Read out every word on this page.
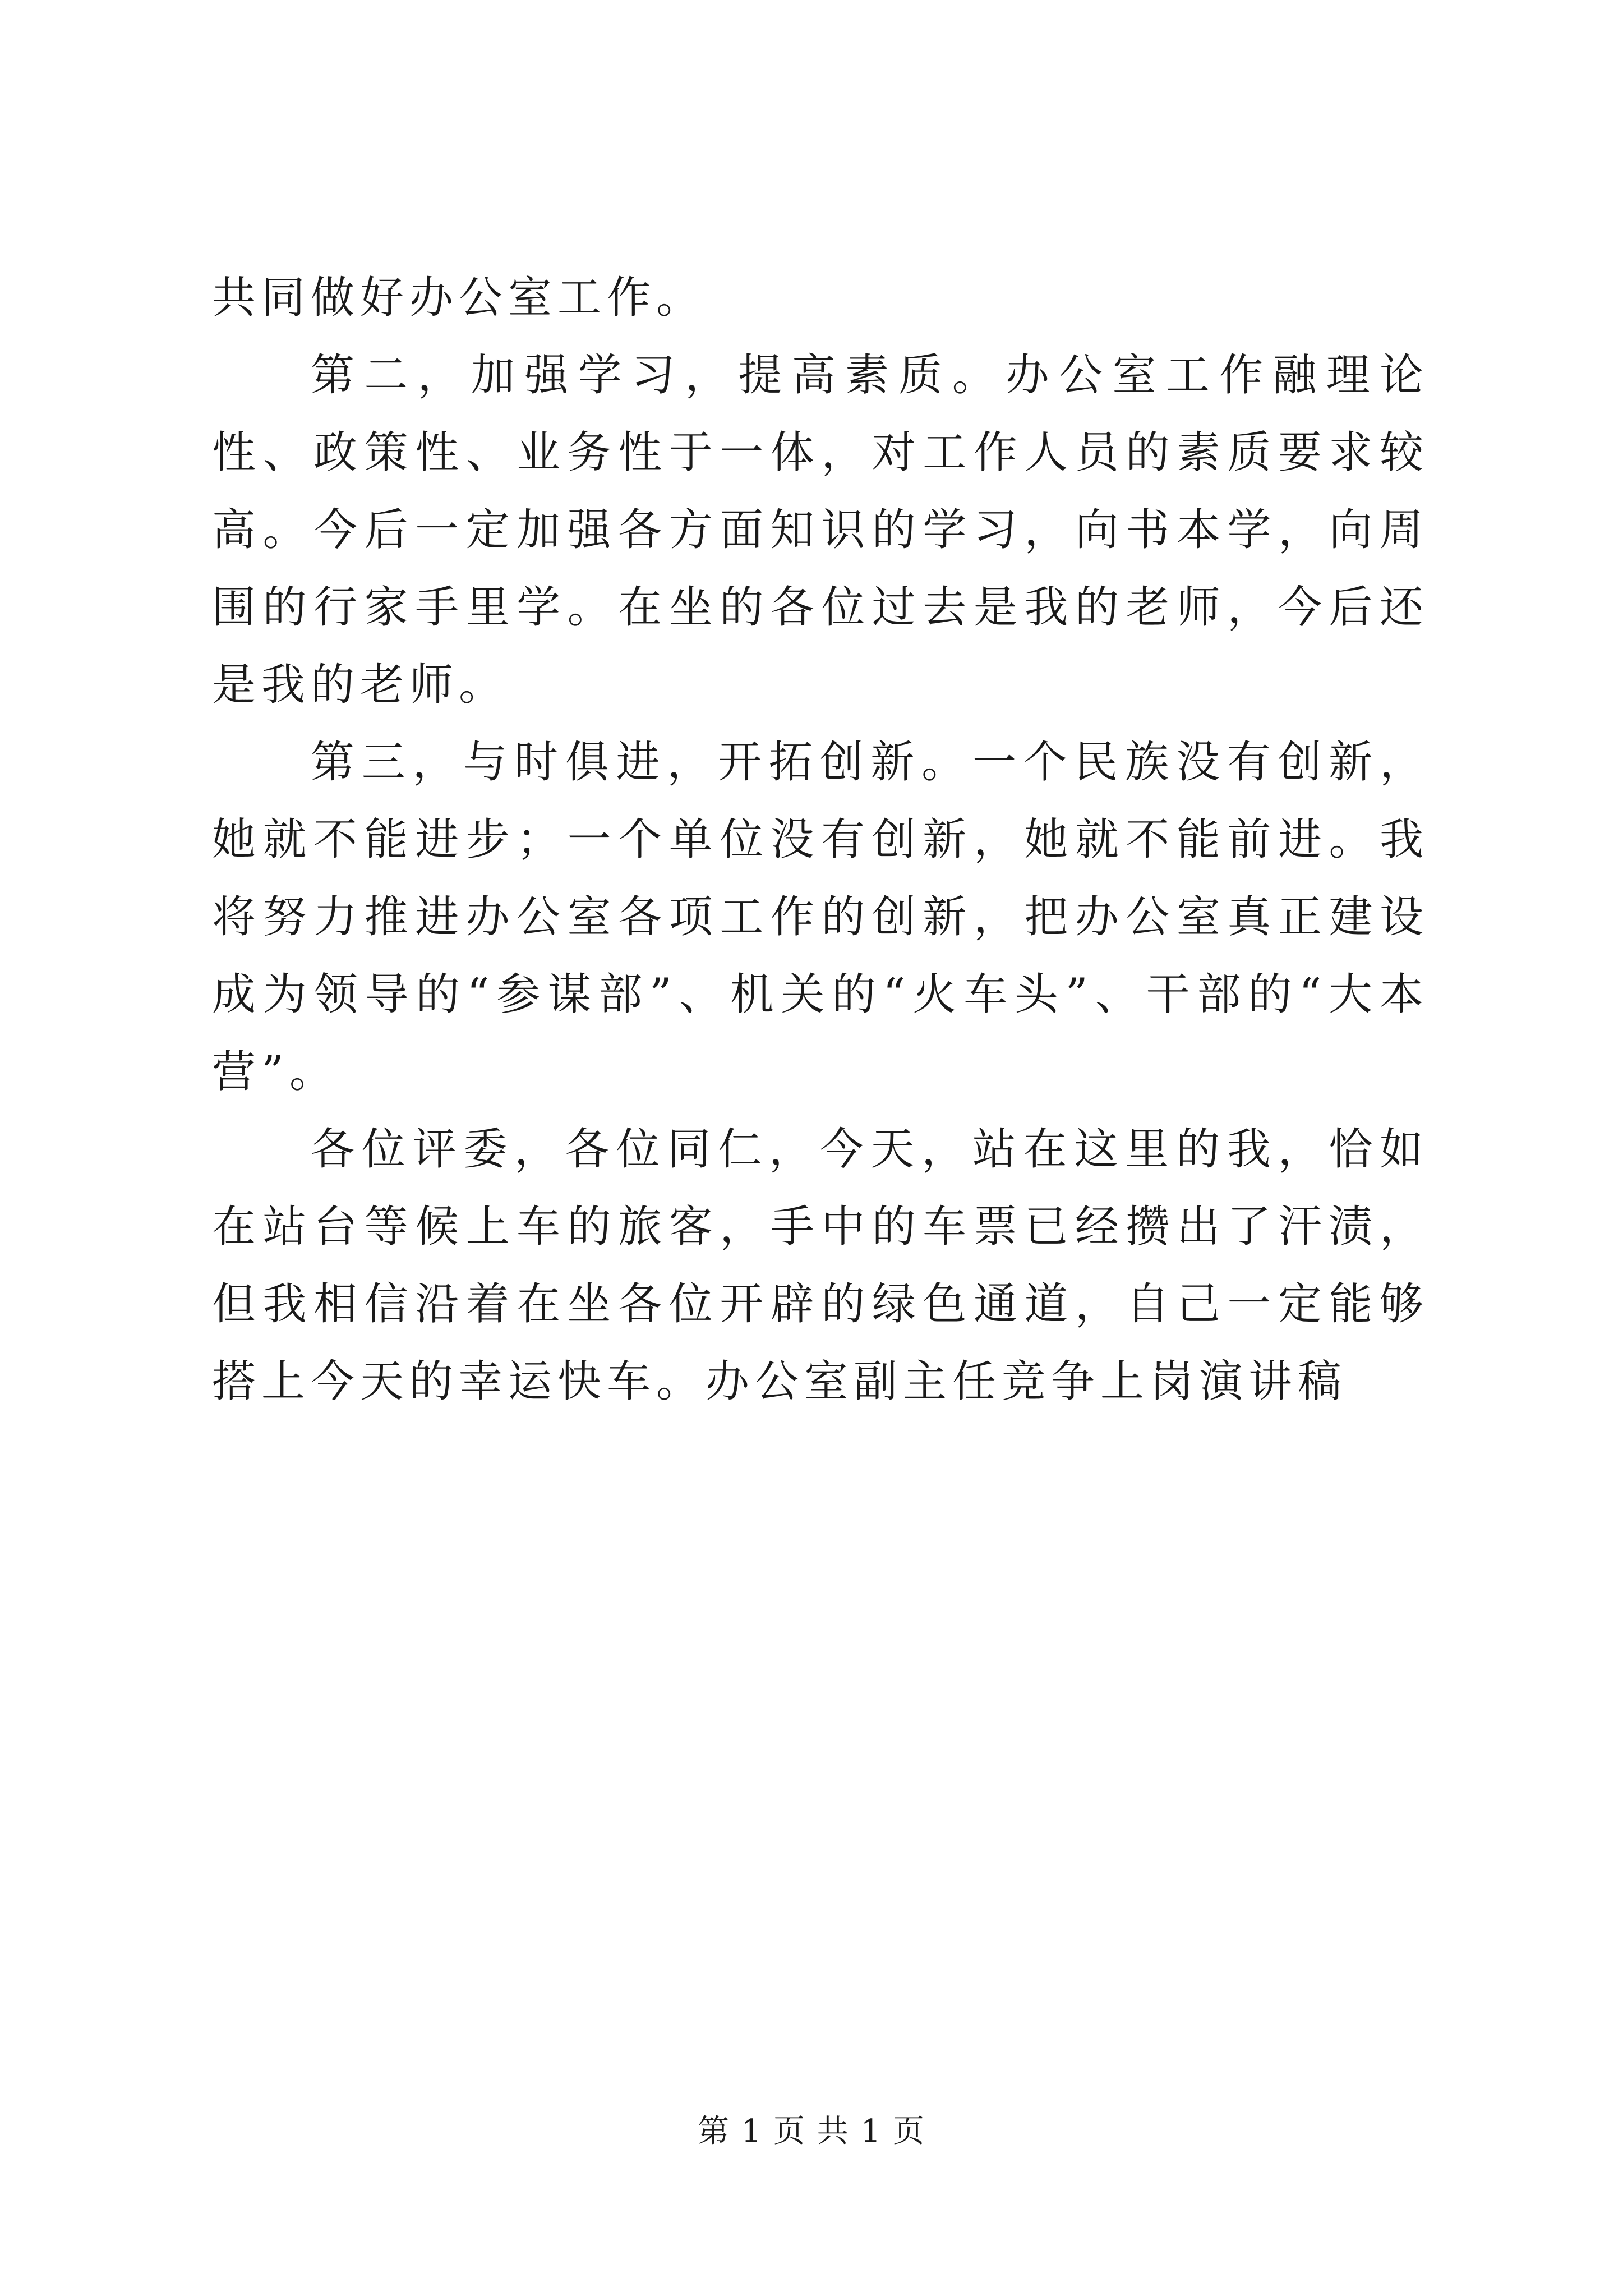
共同做好办公室工作。

第二，加强学习，提高素质。办公室工作融理论性、政策性、业务性于一体，对工作人员的素质要求较高。今后一定加强各方面知识的学习，向书本学，向周围的行家手里学。在坐的各位过去是我的老师，今后还是我的老师。

第三，与时俱进，开拓创新。一个民族没有创新，她就不能进步；一个单位没有创新，她就不能前进。我将努力推进办公室各项工作的创新，把办公室真正建设成为领导的“参谋部”、机关的“火车头”、干部的“大本营”。

各位评委，各位同仁，今天，站在这里的我，恰如在站台等候上车的旅客，手中的车票已经攒出了汗渍，但我相信沿着在坐各位开辟的绿色通道，自己一定能够搭上今天的幸运快车。办公室副主任竞争上岗演讲稿

第 1 页 共 1 页
